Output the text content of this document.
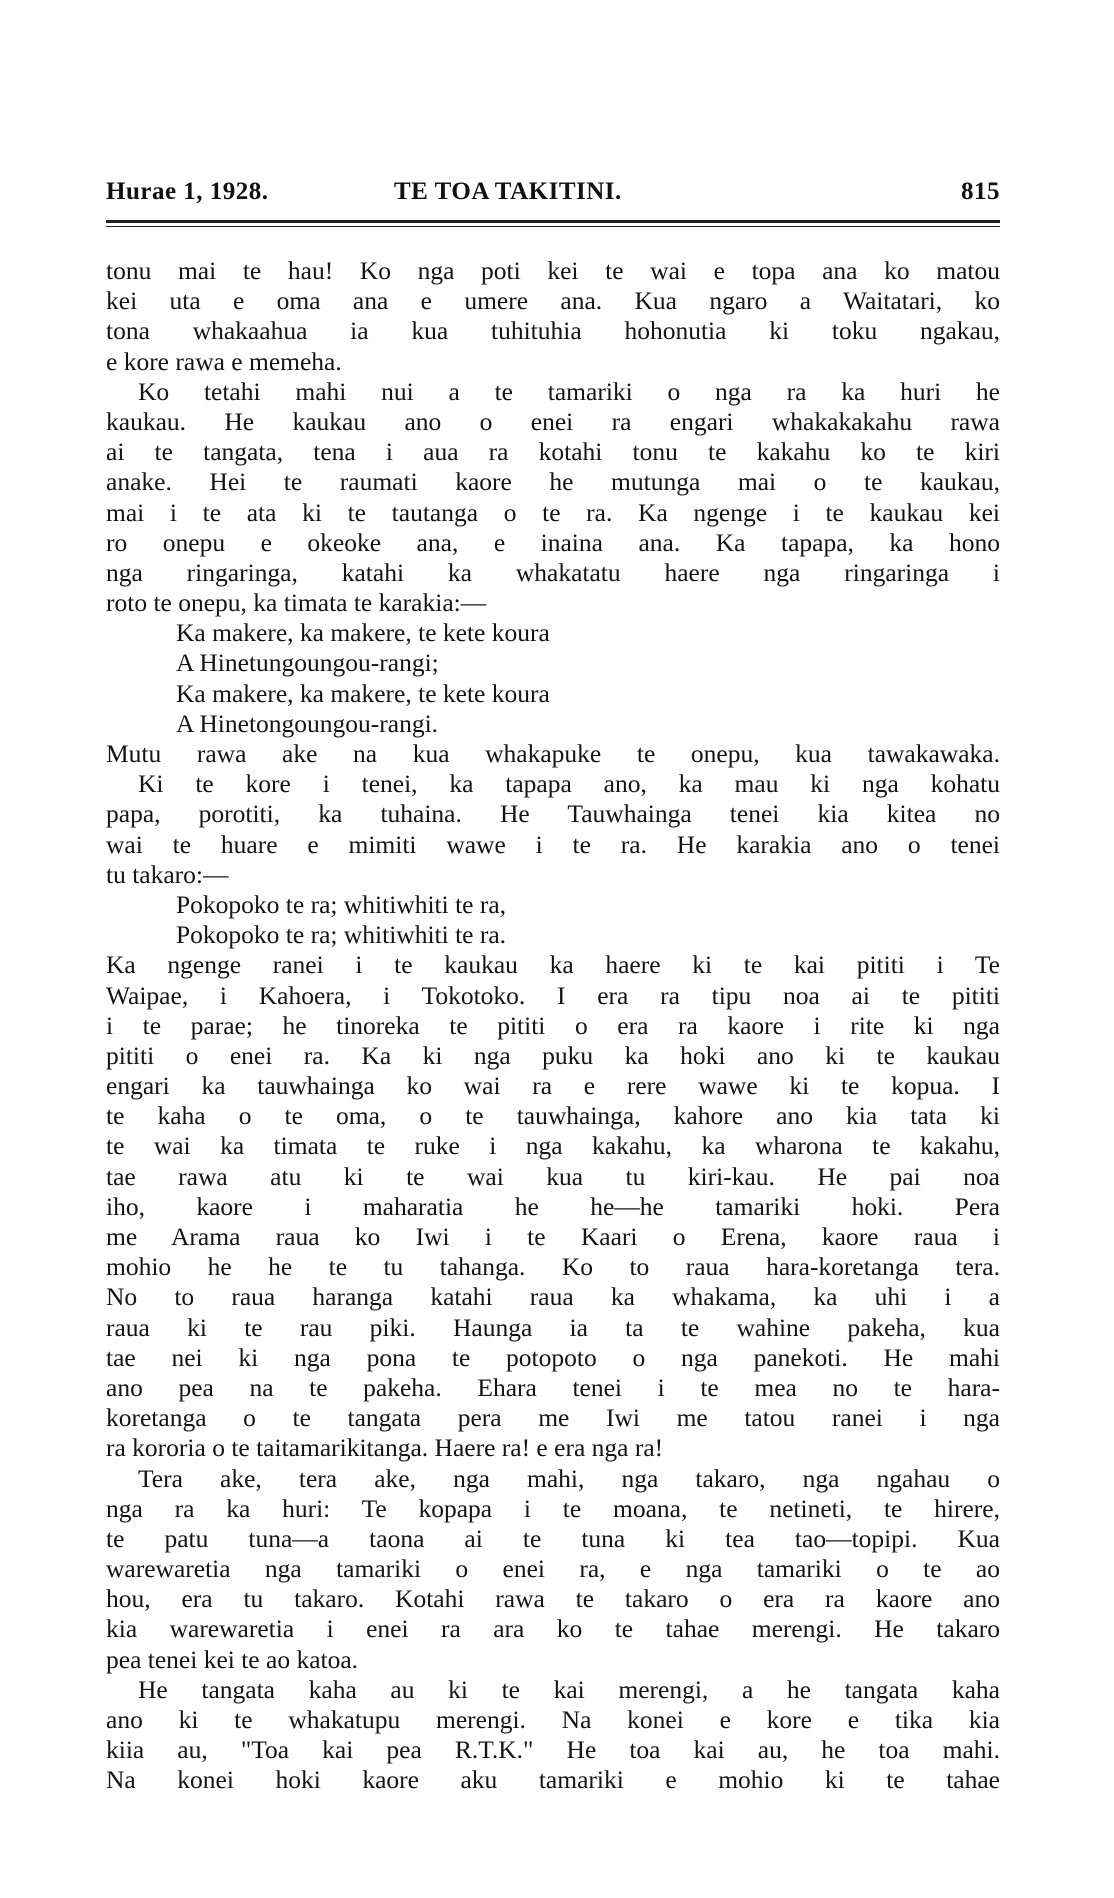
Hurae 1, 1928.	TE TOA TAKITINI.	815
tonu mai te hau! Ko nga poti kei te wai e topa ana ko matou
kei uta e oma ana e umere ana. Kua ngaro a Waitatari, ko
tona whakaahua ia kua tuhituhia hohonutia ki toku ngakau,
e kore rawa e memeha.
Ko tetahi mahi nui a te tamariki o nga ra ka huri he
kaukau. He kaukau ano o enei ra engari whakakakahu rawa
ai te tangata, tena i aua ra kotahi tonu te kakahu ko te kiri
anake. Hei te raumati kaore he mutunga mai o te kaukau,
mai i te ata ki te tautanga o te ra. Ka ngenge i te kaukau kei
ro onepu e okeoke ana, e inaina ana. Ka tapapa, ka hono
nga ringaringa, katahi ka whakatatu haere nga ringaringa i
roto te onepu, ka timata te karakia:—
Ka makere, ka makere, te kete koura
A Hinetungoungou-rangi;
Ka makere, ka makere, te kete koura
A Hinetongoungou-rangi.
Mutu rawa ake na kua whakapuke te onepu, kua tawakawaka.
Ki te kore i tenei, ka tapapa ano, ka mau ki nga kohatu
papa, porotiti, ka tuhaina. He Tauwhainga tenei kia kitea no
wai te huare e mimiti wawe i te ra. He karakia ano o tenei
tu takaro:—
Pokopoko te ra; whitiwhiti te ra,
Pokopoko te ra; whitiwhiti te ra.
Ka ngenge ranei i te kaukau ka haere ki te kai pititi i Te
Waipae, i Kahoera, i Tokotoko. I era ra tipu noa ai te pititi
i te parae; he tinoreka te pititi o era ra kaore i rite ki nga
pititi o enei ra. Ka ki nga puku ka hoki ano ki te kaukau
engari ka tauwhainga ko wai ra e rere wawe ki te kopua. I
te kaha o te oma, o te tauwhainga, kahore ano kia tata ki
te wai ka timata te ruke i nga kakahu, ka wharona te kakahu,
tae rawa atu ki te wai kua tu kiri-kau. He pai noa
iho, kaore i maharatia he he—he tamariki hoki. Pera
me Arama raua ko Iwi i te Kaari o Erena, kaore raua i
mohio he he te tu tahanga. Ko to raua hara-koretanga tera.
No to raua haranga katahi raua ka whakama, ka uhi i a
raua ki te rau piki. Haunga ia ta te wahine pakeha, kua
tae nei ki nga pona te potopoto o nga panekoti. He mahi
ano pea na te pakeha. Ehara tenei i te mea no te hara-
koretanga o te tangata pera me Iwi me tatou ranei i nga
ra kororia o te taitamarikitanga. Haere ra! e era nga ra!
Tera ake, tera ake, nga mahi, nga takaro, nga ngahau o
nga ra ka huri: Te kopapa i te moana, te netineti, te hirere,
te patu tuna—a taona ai te tuna ki tea tao—topipi. Kua
warewaretia nga tamariki o enei ra, e nga tamariki o te ao
hou, era tu takaro. Kotahi rawa te takaro o era ra kaore ano
kia warewaretia i enei ra ara ko te tahae merengi. He takaro
pea tenei kei te ao katoa.
He tangata kaha au ki te kai merengi, a he tangata kaha
ano ki te whakatupu merengi. Na konei e kore e tika kia
kiia au, "Toa kai pea R.T.K." He toa kai au, he toa mahi.
Na konei hoki kaore aku tamariki e mohio ki te tahae
